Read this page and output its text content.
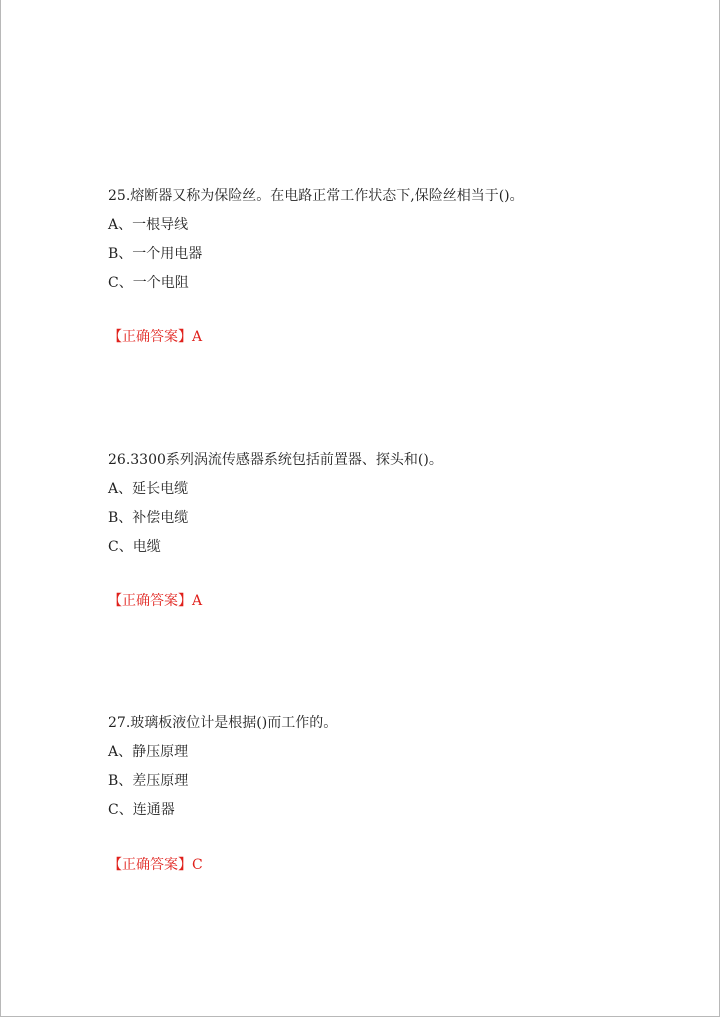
25.熔断器又称为保险丝。在电路正常工作状态下,保险丝相当于()。
A、一根导线
B、一个用电器
C、一个电阻
【正确答案】A
26.3300系列涡流传感器系统包括前置器、探头和()。
A、延长电缆
B、补偿电缆
C、电缆
【正确答案】A
27.玻璃板液位计是根据()而工作的。
A、静压原理
B、差压原理
C、连通器
【正确答案】C
